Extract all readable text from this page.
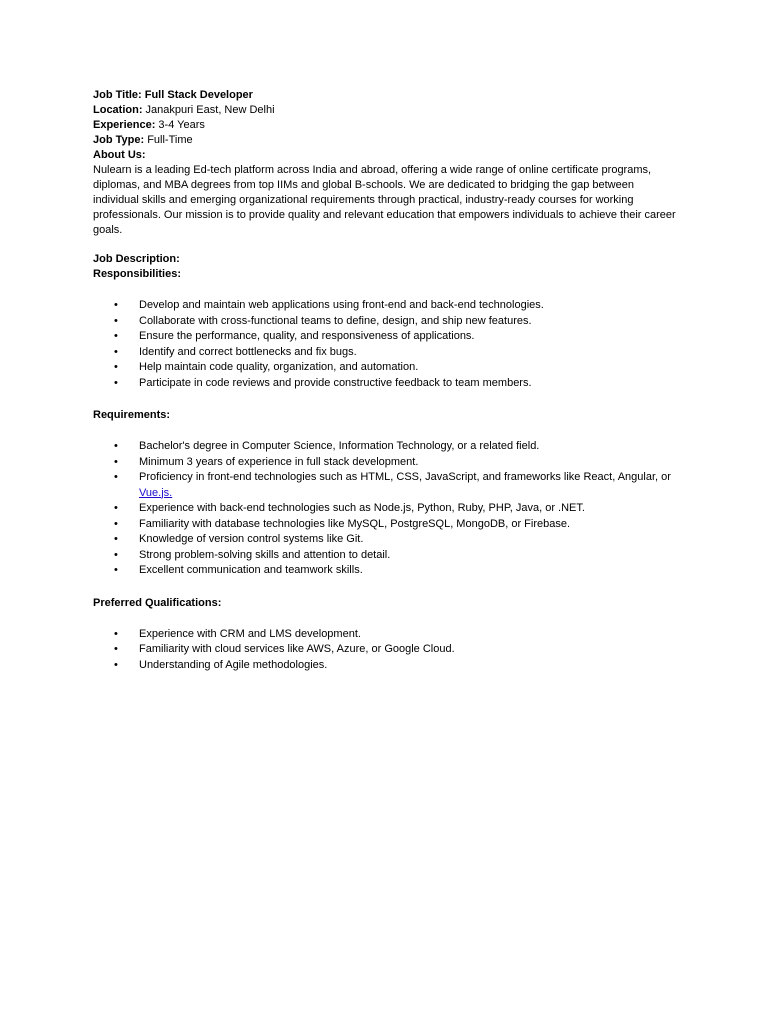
Job Title: Full Stack Developer
Location: Janakpuri East, New Delhi
Experience: 3-4 Years
Job Type: Full-Time
About Us:

Nulearn is a leading Ed-tech platform across India and abroad, offering a wide range of online certificate programs, diplomas, and MBA degrees from top IIMs and global B-schools. We are dedicated to bridging the gap between individual skills and emerging organizational requirements through practical, industry-ready courses for working professionals. Our mission is to provide quality and relevant education that empowers individuals to achieve their career goals.

Job Description:
Responsibilities:
• Develop and maintain web applications using front-end and back-end technologies.
• Collaborate with cross-functional teams to define, design, and ship new features.
• Ensure the performance, quality, and responsiveness of applications.
• Identify and correct bottlenecks and fix bugs.
• Help maintain code quality, organization, and automation.
• Participate in code reviews and provide constructive feedback to team members.
Requirements:
• Bachelor's degree in Computer Science, Information Technology, or a related field.
• Minimum 3 years of experience in full stack development.
• Proficiency in front-end technologies such as HTML, CSS, JavaScript, and frameworks like React, Angular, or Vue.js.
• Experience with back-end technologies such as Node.js, Python, Ruby, PHP, Java, or .NET.
• Familiarity with database technologies like MySQL, PostgreSQL, MongoDB, or Firebase.
• Knowledge of version control systems like Git.
• Strong problem-solving skills and attention to detail.
• Excellent communication and teamwork skills.
Preferred Qualifications:
• Experience with CRM and LMS development.
• Familiarity with cloud services like AWS, Azure, or Google Cloud.
• Understanding of Agile methodologies.
